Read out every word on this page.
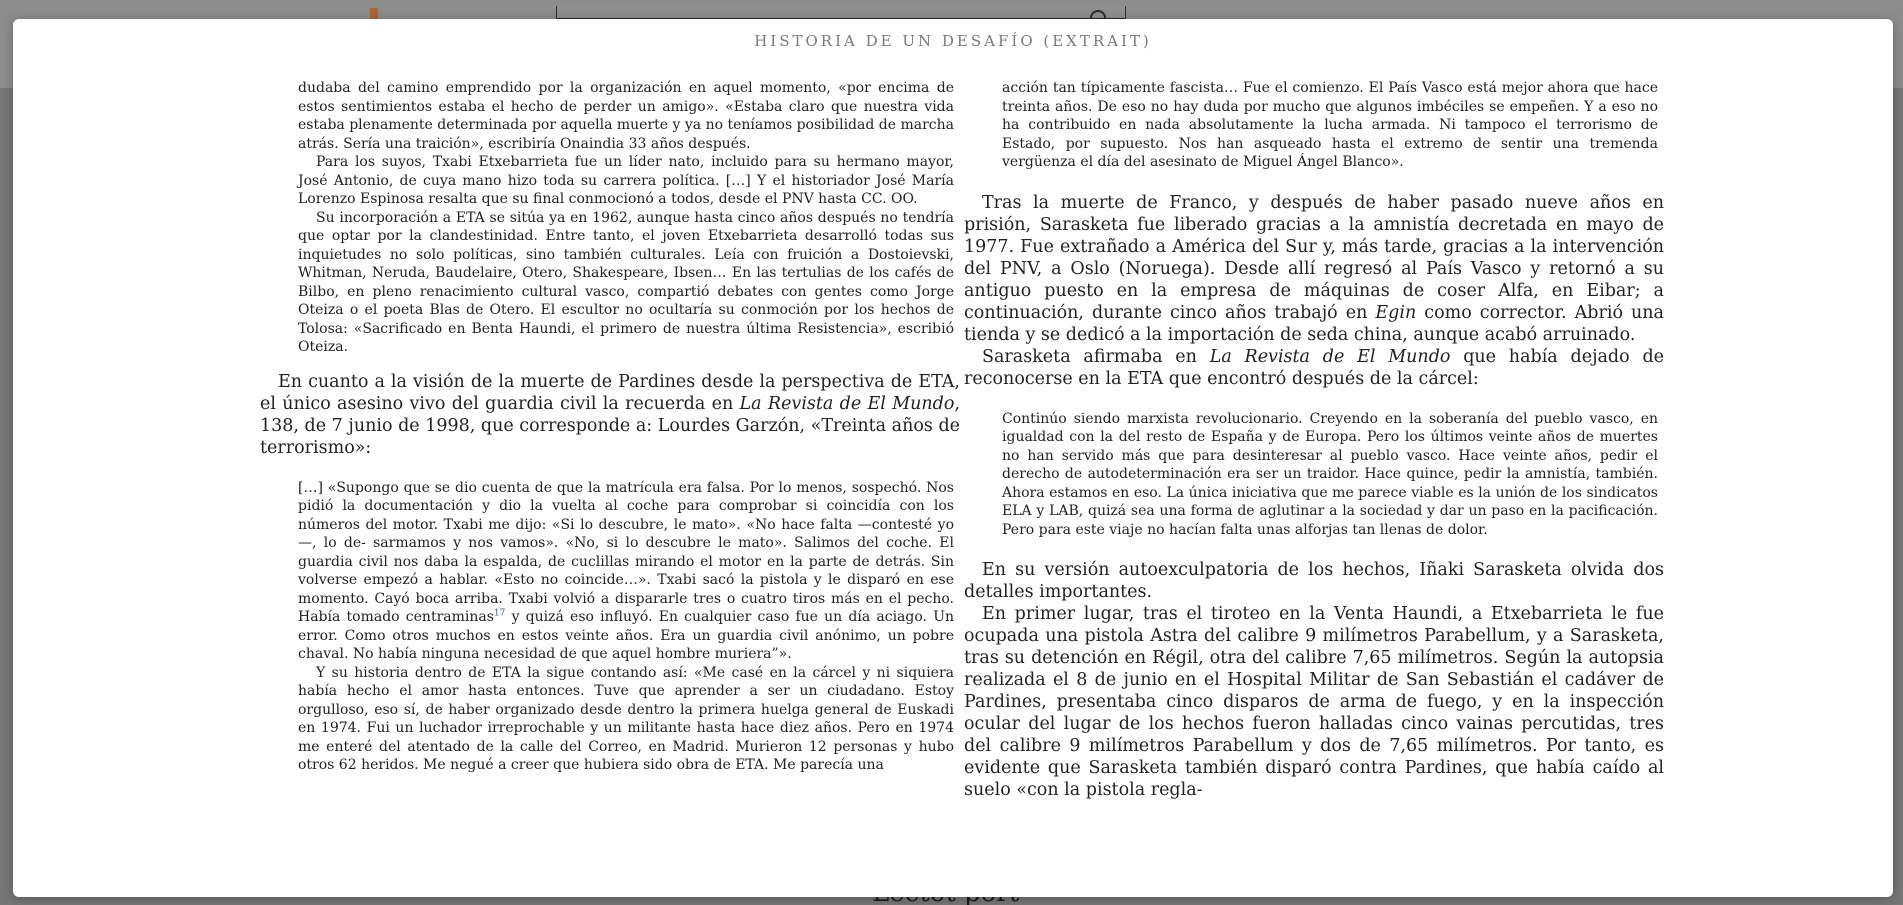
HISTORIA DE UN DESAFÍO (EXTRAIT)

dudaba del camino emprendido por la organización en aquel momento, «por encima de estos sentimientos estaba el hecho de perder un amigo». «Estaba claro que nuestra vida estaba plenamente determinada por aquella muerte y ya no teníamos posibilidad de marcha atrás. Sería una traición», escribiría Onaindia 33 años después.

Para los suyos, Txabi Etxebarrieta fue un líder nato, incluido para su hermano mayor, José Antonio, de cuya mano hizo toda su carrera política. […] Y el historiador José María Lorenzo Espinosa resalta que su final conmocionó a todos, desde el PNV hasta CC. OO.

Su incorporación a ETA se sitúa ya en 1962, aunque hasta cinco años después no tendría que optar por la clandestinidad. Entre tanto, el joven Etxebarrieta desarrolló todas sus inquietudes no solo políticas, sino también culturales. Leía con fruición a Dostoievski, Whitman, Neruda, Baudelaire, Otero, Shakespeare, Ibsen… En las tertulias de los cafés de Bilbo, en pleno renacimiento cultural vasco, compartió debates con gentes como Jorge Oteiza o el poeta Blas de Otero. El escultor no ocultaría su conmoción por los hechos de Tolosa: «Sacrificado en Benta Haundi, el primero de nuestra última Resistencia», escribió Oteiza.

En cuanto a la visión de la muerte de Pardines desde la perspectiva de ETA, el único asesino vivo del guardia civil la recuerda en La Revista de El Mundo, 138, de 7 junio de 1998, que corresponde a: Lourdes Garzón, «Treinta años de terrorismo»:

[…] «Supongo que se dio cuenta de que la matrícula era falsa. Por lo menos, sospechó. Nos pidió la documentación y dio la vuelta al coche para comprobar si coincidía con los números del motor. Txabi me dijo: «Si lo descubre, le mato». «No hace falta —contesté yo—, lo de- sarmamos y nos vamos». «No, si lo descubre le mato». Salimos del coche. El guardia civil nos daba la espalda, de cuclillas mirando el motor en la parte de detrás. Sin volverse empezó a hablar. «Esto no coincide…». Txabi sacó la pistola y le disparó en ese momento. Cayó boca arriba. Txabi volvió a dispararle tres o cuatro tiros más en el pecho. Había tomado centraminas$^{17}$ y quizá eso influyó. En cualquier caso fue un día aciago. Un error. Como otros muchos en estos veinte años. Era un guardia civil anónimo, un pobre chaval. No había ninguna necesidad de que aquel hombre muriera”».

Y su historia dentro de ETA la sigue contando así: «Me casé en la cárcel y ni siquiera había hecho el amor hasta entonces. Tuve que aprender a ser un ciudadano. Estoy orgulloso, eso sí, de haber organizado desde dentro la primera huelga general de Euskadi en 1974. Fui un luchador irreprochable y un militante hasta hace diez años. Pero en 1974 me enteré del atentado de la calle del Correo, en Madrid. Murieron 12 personas y hubo otros 62 heridos. Me negué a creer que hubiera sido obra de ETA. Me parecía una

acción tan típicamente fascista… Fue el comienzo. El País Vasco está mejor ahora que hace treinta años. De eso no hay duda por mucho que algunos imbéciles se empeñen. Y a eso no ha contribuido en nada absolutamente la lucha armada. Ni tampoco el terrorismo de Estado, por supuesto. Nos han asqueado hasta el extremo de sentir una tremenda vergüenza el día del asesinato de Miguel Ángel Blanco».

Tras la muerte de Franco, y después de haber pasado nueve años en prisión, Sarasketa fue liberado gracias a la amnistía decretada en mayo de 1977. Fue extrañado a América del Sur y, más tarde, gracias a la intervención del PNV, a Oslo (Noruega). Desde allí regresó al País Vasco y retornó a su antiguo puesto en la empresa de máquinas de coser Alfa, en Eibar; a continuación, durante cinco años trabajó en Egin como corrector. Abrió una tienda y se dedicó a la importación de seda china, aunque acabó arruinado.

Sarasketa afirmaba en La Revista de El Mundo que había dejado de reconocerse en la ETA que encontró después de la cárcel:

Continúo siendo marxista revolucionario. Creyendo en la soberanía del pueblo vasco, en igualdad con la del resto de España y de Europa. Pero los últimos veinte años de muertes no han servido más que para desinteresar al pueblo vasco. Hace veinte años, pedir el derecho de autodeterminación era ser un traidor. Hace quince, pedir la amnistía, también. Ahora estamos en eso. La única iniciativa que me parece viable es la unión de los sindicatos ELA y LAB, quizá sea una forma de aglutinar a la sociedad y dar un paso en la pacificación. Pero para este viaje no hacían falta unas alforjas tan llenas de dolor.

En su versión autoexculpatoria de los hechos, Iñaki Sarasketa olvida dos detalles importantes.

En primer lugar, tras el tiroteo en la Venta Haundi, a Etxebarrieta le fue ocupada una pistola Astra del calibre 9 milímetros Parabellum, y a Sarasketa, tras su detención en Régil, otra del calibre 7,65 milímetros. Según la autopsia realizada el 8 de junio en el Hospital Militar de San Sebastián el cadáver de Pardines, presentaba cinco disparos de arma de fuego, y en la inspección ocular del lugar de los hechos fueron halladas cinco vainas percutidas, tres del calibre 9 milímetros Parabellum y dos de 7,65 milímetros. Por tanto, es evidente que Sarasketa también disparó contra Pardines, que había caído al suelo «con la pistola regla-
